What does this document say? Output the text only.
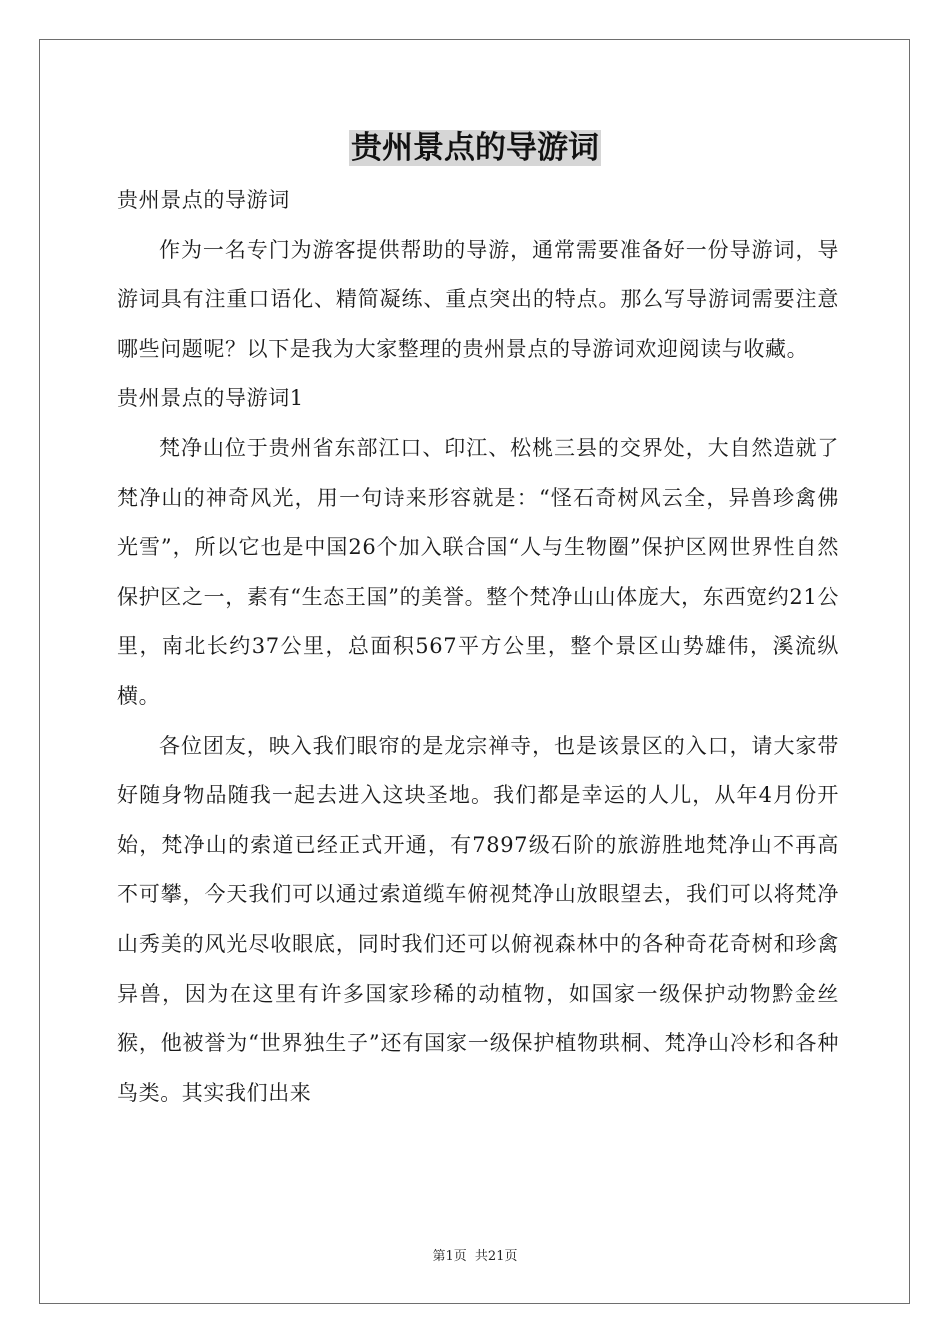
贵州景点的导游词

贵州景点的导游词

作为一名专门为游客提供帮助的导游，通常需要准备好一份导游词，导游词具有注重口语化、精简凝练、重点突出的特点。那么写导游词需要注意哪些问题呢？以下是我为大家整理的贵州景点的导游词欢迎阅读与收藏。

贵州景点的导游词1

梵净山位于贵州省东部江口、印江、松桃三县的交界处，大自然造就了梵净山的神奇风光，用一句诗来形容就是：“怪石奇树风云全，异兽珍禽佛光雪”，所以它也是中国26个加入联合国“人与生物圈”保护区网世界性自然保护区之一，素有“生态王国”的美誉。整个梵净山山体庞大，东西宽约21公里，南北长约37公里，总面积567平方公里，整个景区山势雄伟，溪流纵横。

各位团友，映入我们眼帘的是龙宗禅寺，也是该景区的入口，请大家带好随身物品随我一起去进入这块圣地。我们都是幸运的人儿，从年4月份开始，梵净山的索道已经正式开通，有7897级石阶的旅游胜地梵净山不再高不可攀，今天我们可以通过索道缆车俯视梵净山放眼望去，我们可以将梵净山秀美的风光尽收眼底，同时我们还可以俯视森林中的各种奇花奇树和珍禽异兽，因为在这里有许多国家珍稀的动植物，如国家一级保护动物黔金丝猴，他被誉为“世界独生子”还有国家一级保护植物珙桐、梵净山冷杉和各种鸟类。其实我们出来

第1页 共21页
